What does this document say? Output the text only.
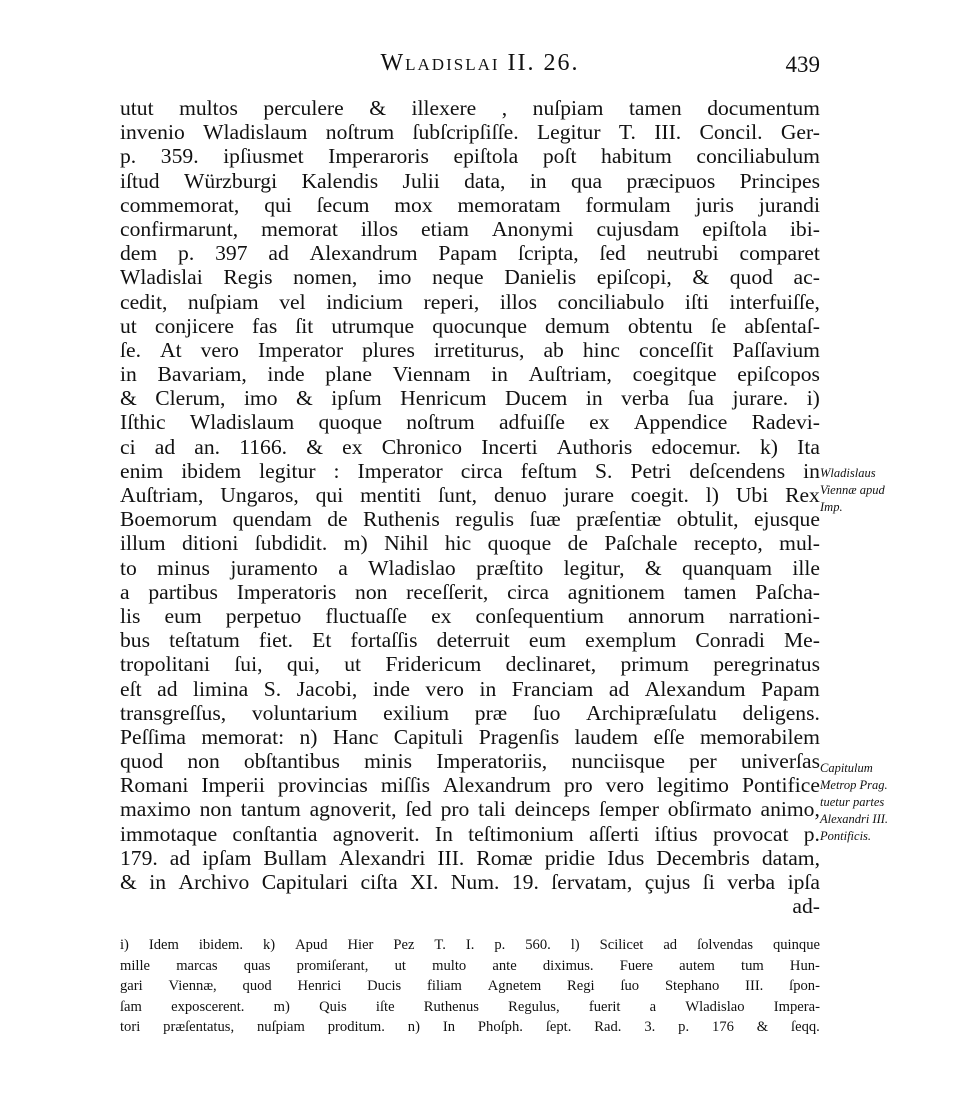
Wladislai II. 26.	439
utut multos perculere & illexere , nuſpiam tamen documentum
invenio Wladislaum noſtrum ſubſcripſiſſe. Legitur T. III. Concil. Ger-
p. 359. ipſiusmet Imperaroris epiſtola poſt habitum conciliabulum
iſtud Würzburgi Kalendis Julii data, in qua præcipuos Principes
commemorat, qui ſecum mox memoratam formulam juris jurandi
confirmarunt, memorat illos etiam Anonymi cujusdam epiſtola ibi-
dem p. 397 ad Alexandrum Papam ſcripta, ſed neutrubi comparet
Wladislai Regis nomen, imo neque Danielis epiſcopi, & quod ac-
cedit, nuſpiam vel indicium reperi, illos conciliabulo iſti interfuiſſe,
ut conjicere fas ſit utrumque quocunque demum obtentu ſe abſentaſ-
ſe. At vero Imperator plures irretiturus, ab hinc conceſſit Paſſavium
in Bavariam, inde plane Viennam in Auſtriam, coegitque epiſcopos
& Clerum, imo & ipſum Henricum Ducem in verba ſua jurare. i)
Iſthic Wladislaum quoque noſtrum adfuiſſe ex Appendice Radevi-
ci ad an. 1166. & ex Chronico Incerti Authoris edocemur. k) Ita
enim ibidem legitur : Imperator circa feſtum S. Petri deſcendens in
Auſtriam, Ungaros, qui mentiti ſunt, denuo jurare coegit. l) Ubi Rex
Boemorum quendam de Ruthenis regulis ſuæ præſentiæ obtulit, ejusque
illum ditioni ſubdidit. m) Nihil hic quoque de Paſchale recepto, mul-
to minus juramento a Wladislao præſtito legitur, & quanquam ille
a partibus Imperatoris non receſſerit, circa agnitionem tamen Paſcha-
lis eum perpetuo fluctuaſſe ex conſequentium annorum narrationi-
bus teſtatum fiet. Et fortaſſis deterruit eum exemplum Conradi Me-
tropolitani ſui, qui, ut Fridericum declinaret, primum peregrinatus
eſt ad limina S. Jacobi, inde vero in Franciam ad Alexandum Papam
transgreſſus, voluntarium exilium præ ſuo Archipræſulatu deligens.
Peſſima memorat: n) Hanc Capituli Pragenſis laudem eſſe memorabilem
quod non obſtantibus minis Imperatoriis, nunciisque per univerſas
Romani Imperii provincias miſſis Alexandrum pro vero legitimo Pontifice
maximo non tantum agnoverit, ſed pro tali deinceps ſemper obſirmato animo,
immotaque conſtantia agnoverit. In teſtimonium aſſerti iſtius provocat p.
179. ad ipſam Bullam Alexandri III. Romæ pridie Idus Decembris datam,
& in Archivo Capitulari ciſta XI. Num. 19. ſervatam, çujus ſi verba ipſa
ad-
Wladislaus
Viennæ apud
Imp.
Capitulum
Metrop Prag.
tuetur partes
Alexandri III.
Pontificis.
i) Idem ibidem. k) Apud Hier Pez T. I. p. 560. l) Scilicet ad ſolvendas quinque
mille marcas quas promiſerant, ut multo ante diximus. Fuere autem tum Hun-
gari Viennæ, quod Henrici Ducis filiam Agnetem Regi ſuo Stephano III. ſpon-
ſam exposcerent. m) Quis iſte Ruthenus Regulus, fuerit a Wladislao Impera-
tori præſentatus, nuſpiam proditum. n) In Phoſph. ſept. Rad. 3. p. 176 & ſeqq.
